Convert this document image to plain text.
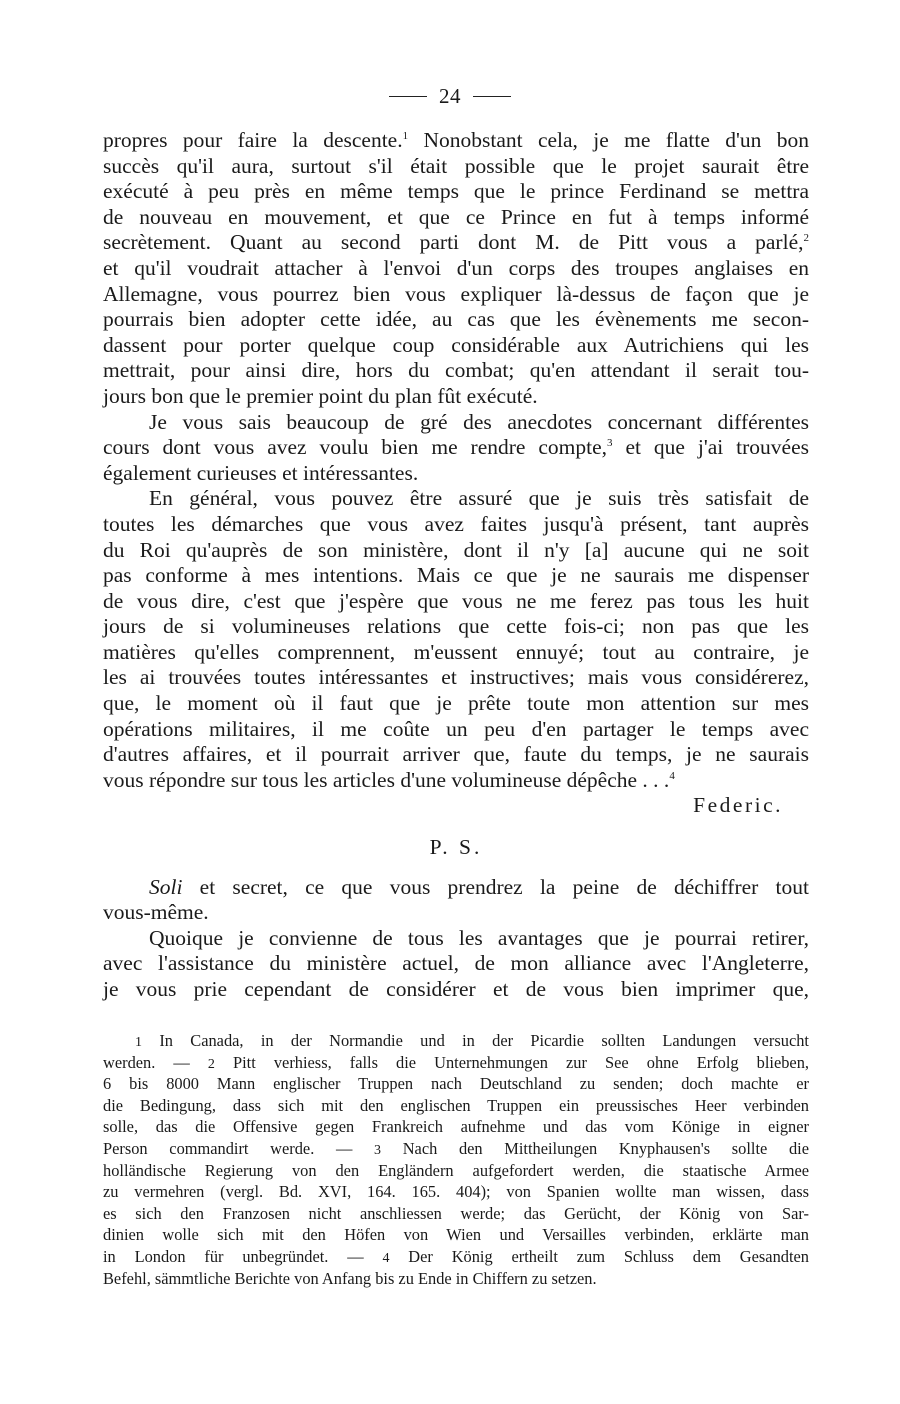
24
propres pour faire la descente.$^1$ Nonobstant cela, je me flatte d'un bon
succès qu'il aura, surtout s'il était possible que le projet saurait être
exécuté à peu près en même temps que le prince Ferdinand se mettra
de nouveau en mouvement, et que ce Prince en fut à temps informé
secrètement. Quant au second parti dont M. de Pitt vous a parlé,$^2$
et qu'il voudrait attacher à l'envoi d'un corps des troupes anglaises en
Allemagne, vous pourrez bien vous expliquer là-dessus de façon que je
pourrais bien adopter cette idée, au cas que les évènements me secon-
dassent pour porter quelque coup considérable aux Autrichiens qui les
mettrait, pour ainsi dire, hors du combat; qu'en attendant il serait tou-
jours bon que le premier point du plan fût exécuté.
Je vous sais beaucoup de gré des anecdotes concernant différentes
cours dont vous avez voulu bien me rendre compte,$^3$ et que j'ai trouvées
également curieuses et intéressantes.
En général, vous pouvez être assuré que je suis très satisfait de
toutes les démarches que vous avez faites jusqu'à présent, tant auprès
du Roi qu'auprès de son ministère, dont il n'y [a] aucune qui ne soit
pas conforme à mes intentions. Mais ce que je ne saurais me dispenser
de vous dire, c'est que j'espère que vous ne me ferez pas tous les huit
jours de si volumineuses relations que cette fois-ci; non pas que les
matières qu'elles comprennent, m'eussent ennuyé; tout au contraire, je
les ai trouvées toutes intéressantes et instructives; mais vous considérerez,
que, le moment où il faut que je prête toute mon attention sur mes
opérations militaires, il me coûte un peu d'en partager le temps avec
d'autres affaires, et il pourrait arriver que, faute du temps, je ne saurais
vous répondre sur tous les articles d'une volumineuse dépêche . . .$^4$
Federic.
P. S.
Soli et secret, ce que vous prendrez la peine de déchiffrer tout
vous-même.
Quoique je convienne de tous les avantages que je pourrai retirer,
avec l'assistance du ministère actuel, de mon alliance avec l'Angleterre,
je vous prie cependant de considérer et de vous bien imprimer que,
1 In Canada, in der Normandie und in der Picardie sollten Landungen versucht
werden. — 2 Pitt verhiess, falls die Unternehmungen zur See ohne Erfolg blieben,
6 bis 8000 Mann englischer Truppen nach Deutschland zu senden; doch machte er
die Bedingung, dass sich mit den englischen Truppen ein preussisches Heer verbinden
solle, das die Offensive gegen Frankreich aufnehme und das vom Könige in eigner
Person commandirt werde. — 3 Nach den Mittheilungen Knyphausen's sollte die
holländische Regierung von den Engländern aufgefordert werden, die staatische Armee
zu vermehren (vergl. Bd. XVI, 164. 165. 404); von Spanien wollte man wissen, dass
es sich den Franzosen nicht anschliessen werde; das Gerücht, der König von Sar-
dinien wolle sich mit den Höfen von Wien und Versailles verbinden, erklärte man
in London für unbegründet. — 4 Der König ertheilt zum Schluss dem Gesandten
Befehl, sämmtliche Berichte von Anfang bis zu Ende in Chiffern zu setzen.
